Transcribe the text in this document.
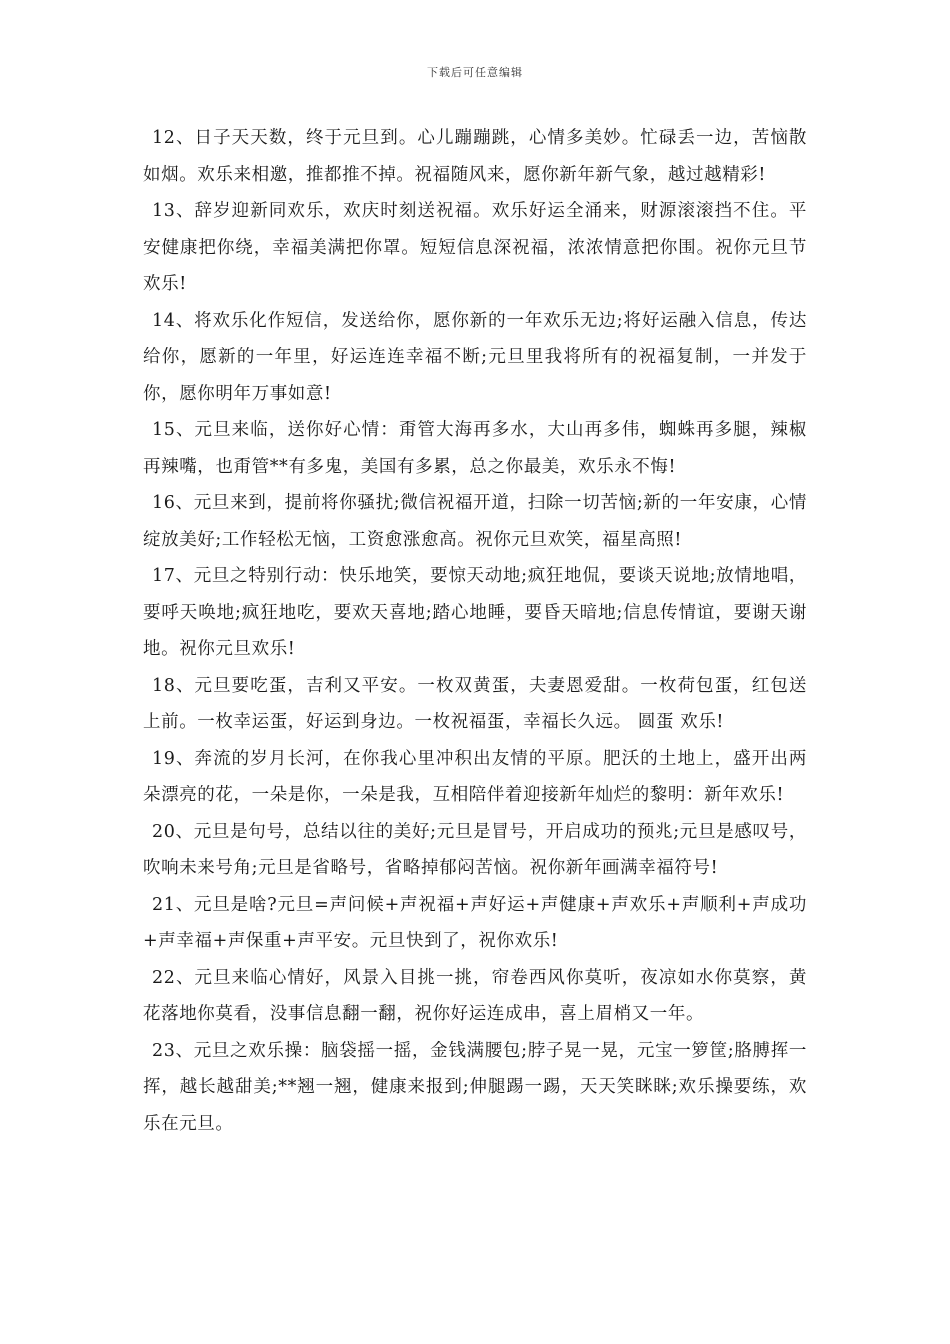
下载后可任意编辑

12、日子天天数，终于元旦到。心儿蹦蹦跳，心情多美妙。忙碌丢一边，苦恼散如烟。欢乐来相邀，推都推不掉。祝福随风来，愿你新年新气象，越过越精彩!

13、辞岁迎新同欢乐，欢庆时刻送祝福。欢乐好运全涌来，财源滚滚挡不住。平安健康把你绕，幸福美满把你罩。短短信息深祝福，浓浓情意把你围。祝你元旦节欢乐!

14、将欢乐化作短信，发送给你，愿你新的一年欢乐无边;将好运融入信息，传达给你，愿新的一年里，好运连连幸福不断;元旦里我将所有的祝福复制，一并发于你，愿你明年万事如意!

15、元旦来临，送你好心情：甭管大海再多水，大山再多伟，蜘蛛再多腿，辣椒再辣嘴，也甭管**有多鬼，美国有多累，总之你最美，欢乐永不悔!

16、元旦来到，提前将你骚扰;微信祝福开道，扫除一切苦恼;新的一年安康，心情绽放美好;工作轻松无恼，工资愈涨愈高。祝你元旦欢笑，福星高照!

17、元旦之特别行动：快乐地笑，要惊天动地;疯狂地侃，要谈天说地;放情地唱，要呼天唤地;疯狂地吃，要欢天喜地;踏心地睡，要昏天暗地;信息传情谊，要谢天谢地。祝你元旦欢乐!

18、元旦要吃蛋，吉利又平安。一枚双黄蛋，夫妻恩爱甜。一枚荷包蛋，红包送上前。一枚幸运蛋，好运到身边。一枚祝福蛋，幸福长久远。 圆蛋 欢乐!

19、奔流的岁月长河，在你我心里冲积出友情的平原。肥沃的土地上，盛开出两朵漂亮的花，一朵是你，一朵是我，互相陪伴着迎接新年灿烂的黎明：新年欢乐!

20、元旦是句号，总结以往的美好;元旦是冒号，开启成功的预兆;元旦是感叹号，吹响未来号角;元旦是省略号，省略掉郁闷苦恼。祝你新年画满幸福符号!

21、元旦是啥?元旦=声问候+声祝福+声好运+声健康+声欢乐+声顺利+声成功+声幸福+声保重+声平安。元旦快到了，祝你欢乐!

22、元旦来临心情好，风景入目挑一挑，帘卷西风你莫听，夜凉如水你莫察，黄花落地你莫看，没事信息翻一翻，祝你好运连成串，喜上眉梢又一年。

23、元旦之欢乐操：脑袋摇一摇，金钱满腰包;脖子晃一晃，元宝一箩筐;胳膊挥一挥，越长越甜美;**翘一翘，健康来报到;伸腿踢一踢，天天笑眯眯;欢乐操要练，欢乐在元旦。
